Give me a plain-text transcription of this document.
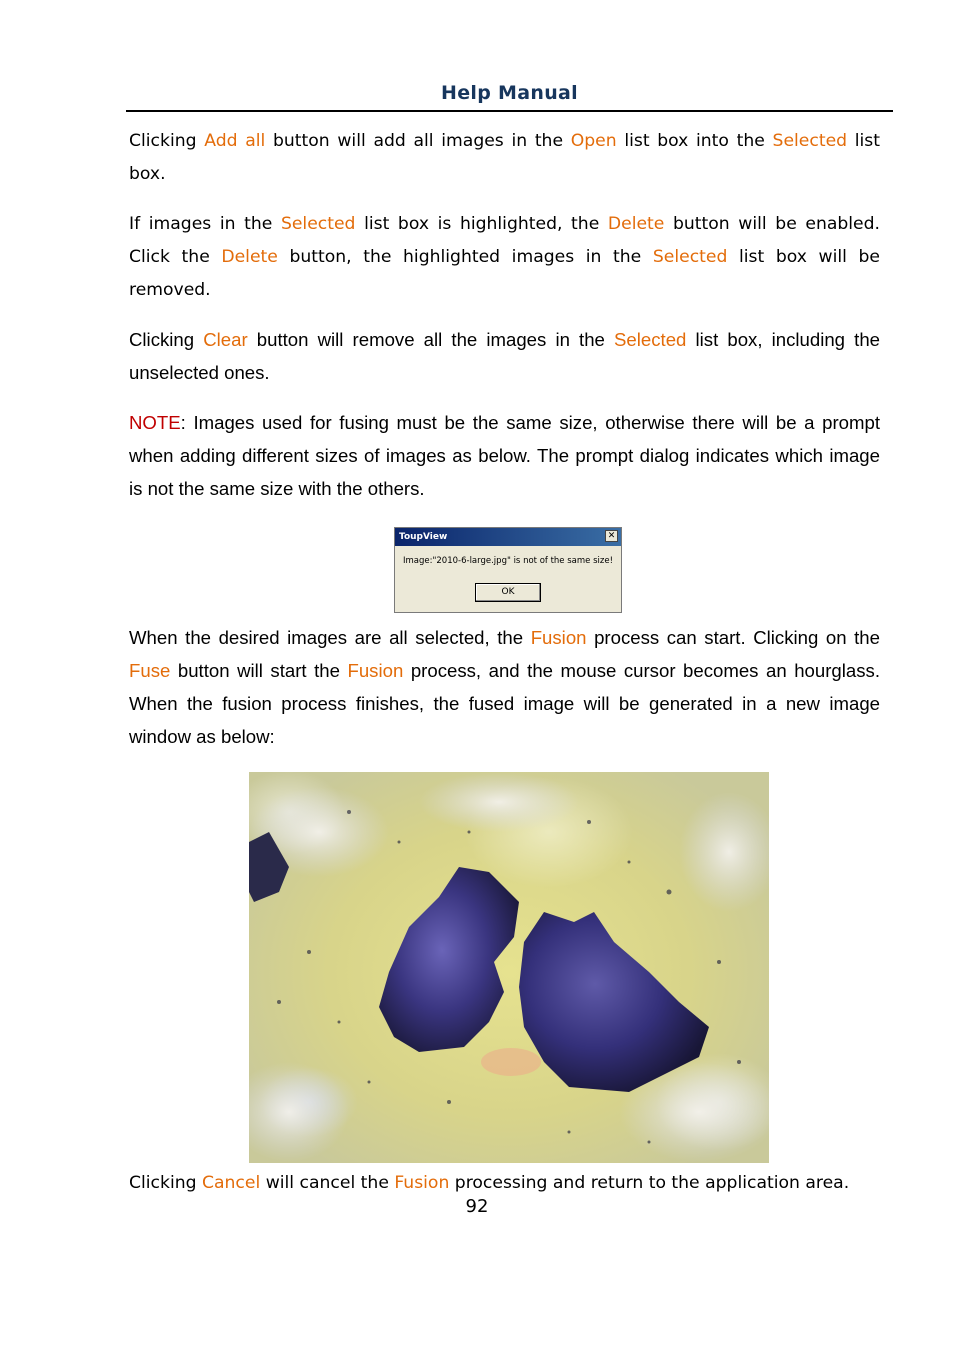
Help Manual

Clicking Add all button will add all images in the Open list box into the Selected list box.

If images in the Selected list box is highlighted, the Delete button will be enabled. Click the Delete button, the highlighted images in the Selected list box will be removed.

Clicking Clear button will remove all the images in the Selected list box, including the unselected ones.

NOTE: Images used for fusing must be the same size, otherwise there will be a prompt when adding different sizes of images as below. The prompt dialog indicates which image is not the same size with the others.

ToupView	✕
Image:"2010-6-large.jpg" is not of the same size!
OK

When the desired images are all selected, the Fusion process can start. Clicking on the Fuse button will start the Fusion process, and the mouse cursor becomes an hourglass. When the fusion process finishes, the fused image will be generated in a new image window as below:

Clicking Cancel will cancel the Fusion processing and return to the application area.

92
